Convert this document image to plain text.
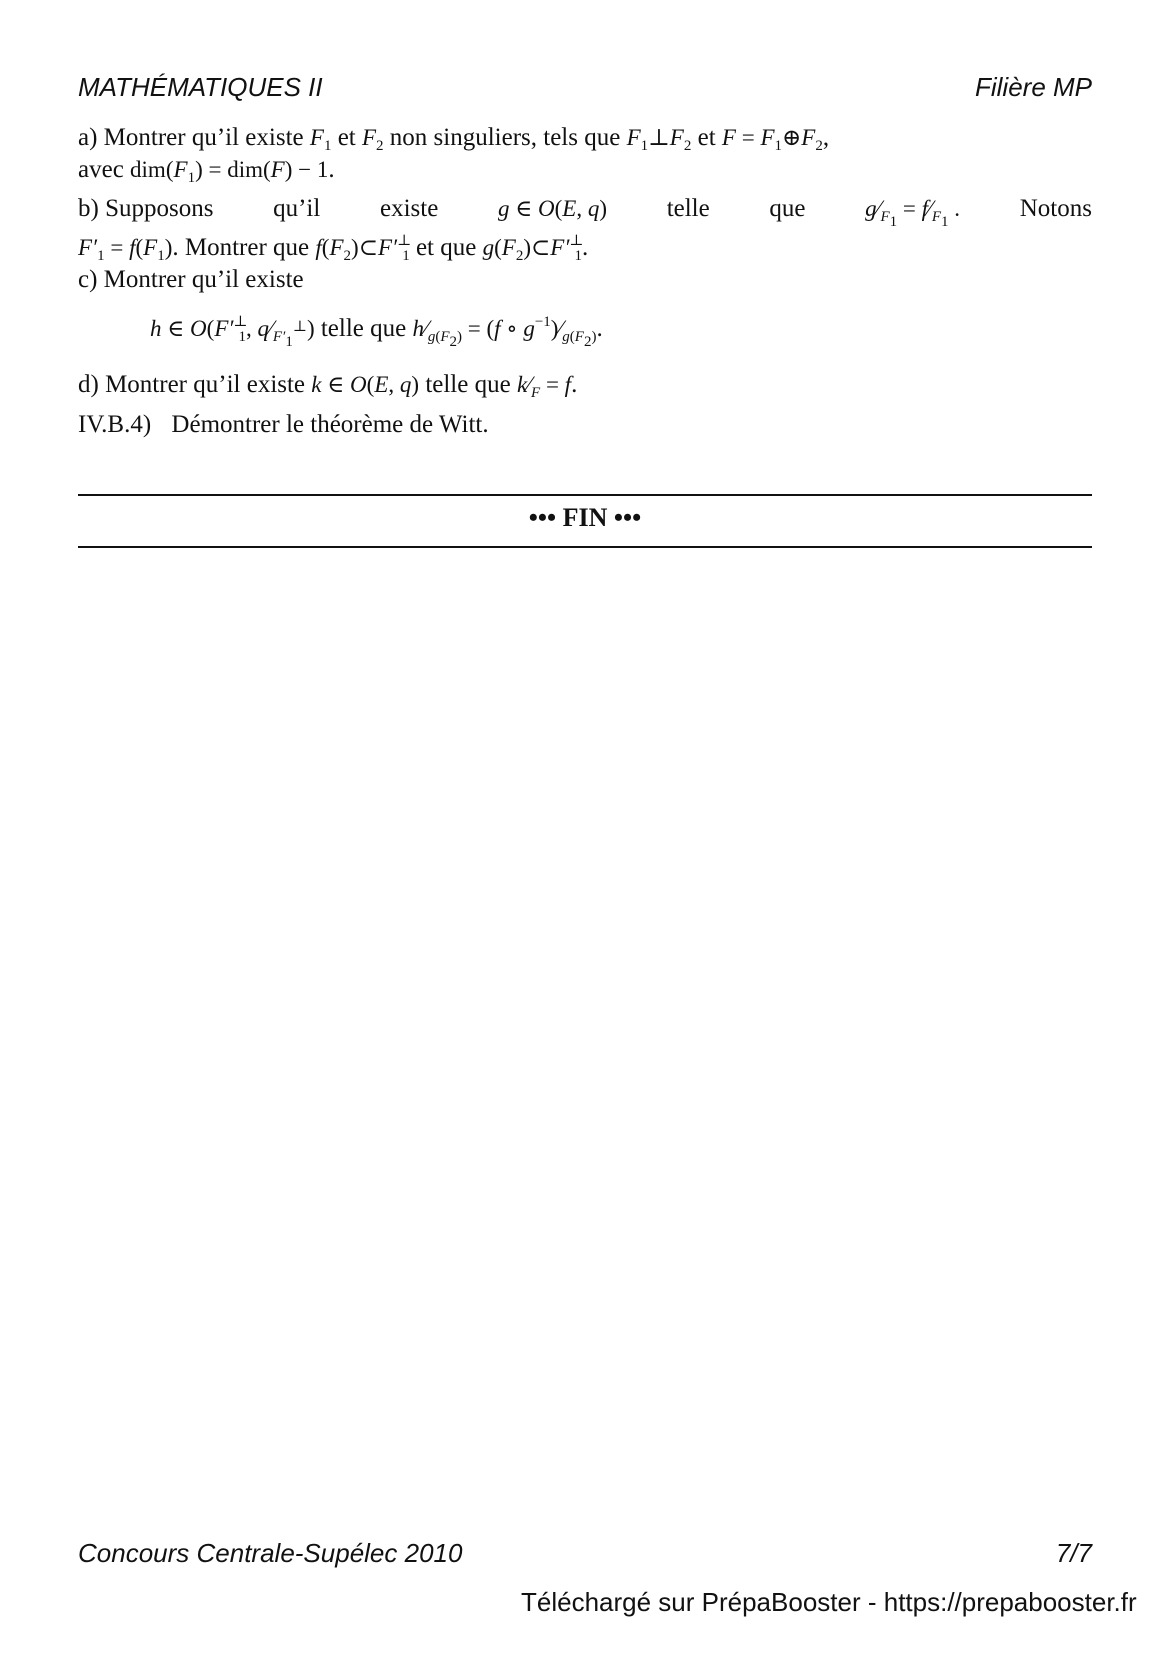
MATHÉMATIQUES II	Filière MP
a) Montrer qu’il existe $F_1$ et $F_2$ non singuliers, tels que $F_1\perp F_2$ et $F = F_1\oplus F_2$,
avec $dim(F_1) = dim(F) - 1$.
b) Supposons qu’il existe	g ∈ O(E, q) telle que	$g⁄_{F_1}$ = $f⁄_{F_1}$ . Notons
$F'_1 = f(F_1)$. Montrer que $f(F_2)\subset F'^\perp_1$ et que $g(F_2)\subset F'^\perp_1$.
c) Montrer qu’il existe
h ∈ $O(F'^\perp_1$, $q⁄_{F'_1^\perp}$) telle que $h⁄_{g(F_2)} = (f$ ∘ $g^{-1})⁄_{g(F_2)}$.
d) Montrer qu’il existe k ∈ O(E, q) telle que $k⁄_F = f$.
IV.B.4) Démontrer le théorème de Witt.
••• FIN •••
Concours Centrale-Supélec 2010	7/7
Téléchargé sur PrépaBooster - https://prepabooster.fr
